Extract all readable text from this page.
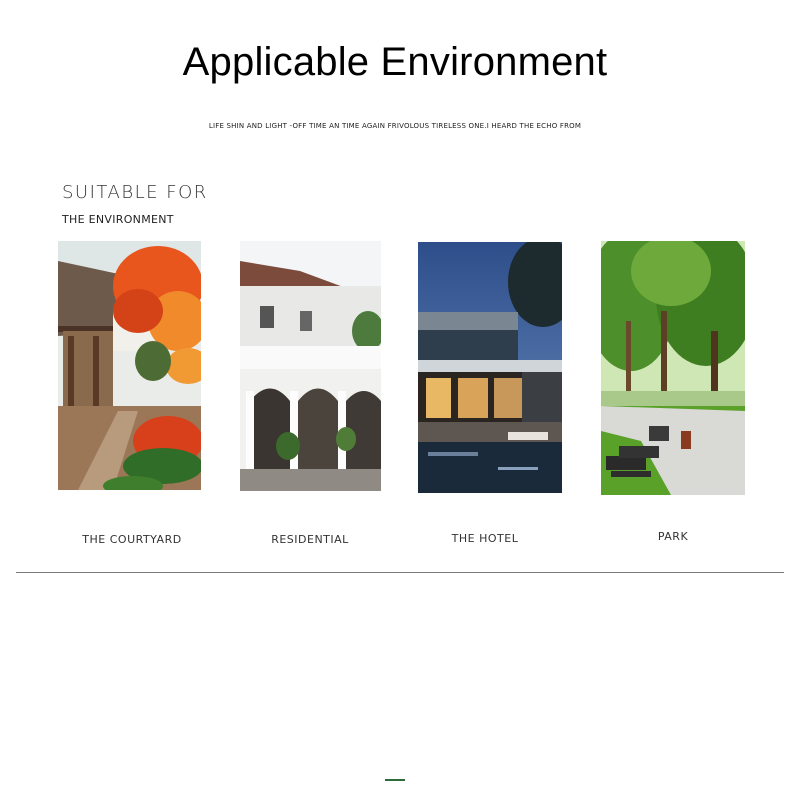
Applicable Environment
LIFE SHIN AND LIGHT -OFF TIME AN TIME AGAIN FRIVOLOUS TIRELESS ONE.I HEARD THE ECHO FROM
SUITABLE FOR
THE ENVIRONMENT
THE COURTYARD	RESIDENTIAL	THE HOTEL	PARK
